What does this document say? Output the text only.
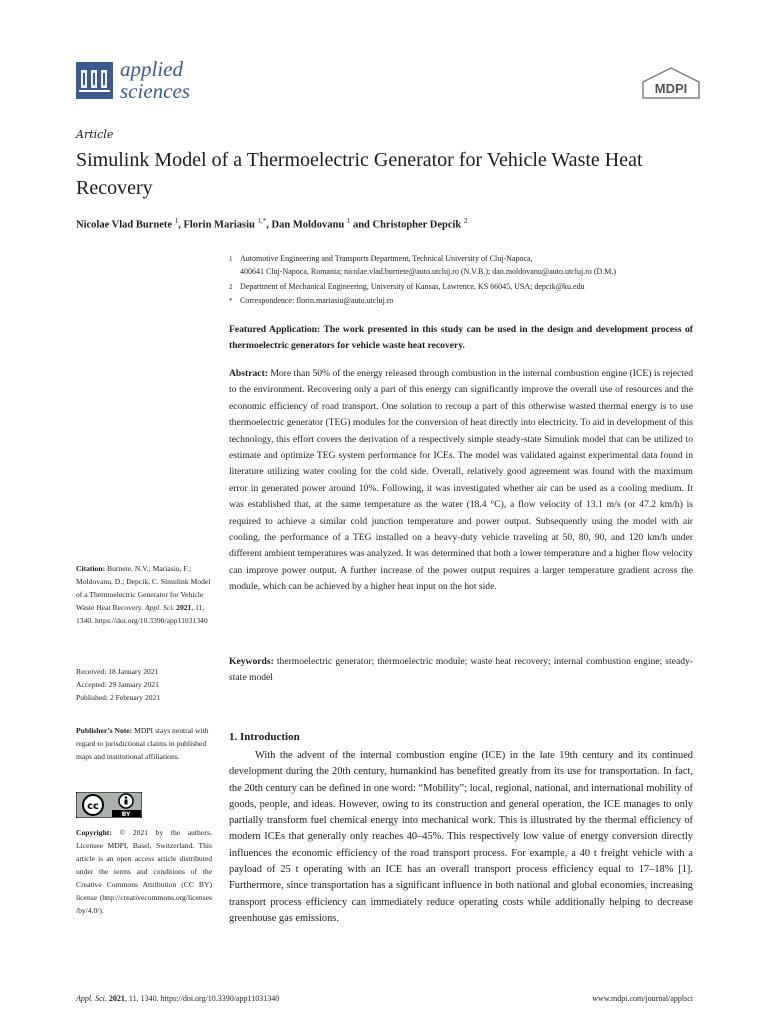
applied
sciences	MDPI
Article
Simulink Model of a Thermoelectric Generator for Vehicle Waste Heat Recovery
Nicolae Vlad Burnete $^1$, Florin Mariasiu $^{1,*}$, Dan Moldovanu $^1$ and Christopher Depcik $^2$
1 Automotive Engineering and Transports Department, Technical University of Cluj-Napoca,
400641 Cluj-Napoca, Romania; nicolae.vlad.burnete@auto.utcluj.ro (N.V.B.); dan.moldovanu@auto.utcluj.ro (D.M.)
2 Department of Mechanical Engineering, University of Kansas, Lawrence, KS 66045, USA; depcik@ku.edu
* Correspondence: florin.mariasiu@auto.utcluj.ro
Featured Application: The work presented in this study can be used in the design and development process of thermoelectric generators for vehicle waste heat recovery.
Abstract: More than 50% of the energy released through combustion in the internal combustion engine (ICE) is rejected to the environment. Recovering only a part of this energy can significantly improve the overall use of resources and the economic efficiency of road transport. One solution to recoup a part of this otherwise wasted thermal energy is to use thermoelectric generator (TEG) modules for the conversion of heat directly into electricity. To aid in development of this technology, this effort covers the derivation of a respectively simple steady-state Simulink model that can be utilized to estimate and optimize TEG system performance for ICEs. The model was validated against experimental data found in literature utilizing water cooling for the cold side. Overall, relatively good agreement was found with the maximum error in generated power around 10%. Following, it was investigated whether air can be used as a cooling medium. It was established that, at the same temperature as the water (18.4 °C), a flow velocity of 13.1 m/s (or 47.2 km/h) is required to achieve a similar cold junction temperature and power output. Subsequently using the model with air cooling, the performance of a TEG installed on a heavy-duty vehicle traveling at 50, 80, 90, and 120 km/h under different ambient temperatures was analyzed. It was determined that both a lower temperature and a higher flow velocity can improve power output. A further increase of the power output requires a larger temperature gradient across the module, which can be achieved by a higher heat input on the hot side.
Keywords: thermoelectric generator; thermoelectric module; waste heat recovery; internal combustion engine; steady-state model
1. Introduction
With the advent of the internal combustion engine (ICE) in the late 19th century and its continued development during the 20th century, humankind has benefited greatly from its use for transportation. In fact, the 20th century can be defined in one word: “Mobility”; local, regional, national, and international mobility of goods, people, and ideas. However, owing to its construction and general operation, the ICE manages to only partially transform fuel chemical energy into mechanical work. This is illustrated by the thermal efficiency of modern ICEs that generally only reaches 40–45%. This respectively low value of energy conversion directly influences the economic efficiency of the road transport process. For example, a 40 t freight vehicle with a payload of 25 t operating with an ICE has an overall transport process efficiency equal to 17–18% [1]. Furthermore, since transportation has a significant influence in both national and global economies, increasing transport process efficiency can immediately reduce operating costs while additionally helping to decrease greenhouse gas emissions.

Citation: Burnete, N.V.; Mariasiu, F.; Moldovanu, D.; Depcik, C. Simulink Model of a Thermoelectric Generator for Vehicle Waste Heat Recovery. Appl. Sci. 2021, 11, 1340. https://doi.org/10.3390/app11031340

Received: 18 January 2021

Accepted: 29 January 2021

Published: 2 February 2021

Publisher’s Note: MDPI stays neutral with regard to jurisdictional claims in published maps and institutional affiliations.

cc
BY

Copyright: © 2021 by the authors. Licensee MDPI, Basel, Switzerland. This article is an open access article distributed under the terms and conditions of the Creative Commons Attribution (CC BY) license (http://creativecommons.org/licenses /by/4.0/).

Appl. Sci. 2021, 11, 1340. https://doi.org/10.3390/app11031340	www.mdpi.com/journal/applsci
